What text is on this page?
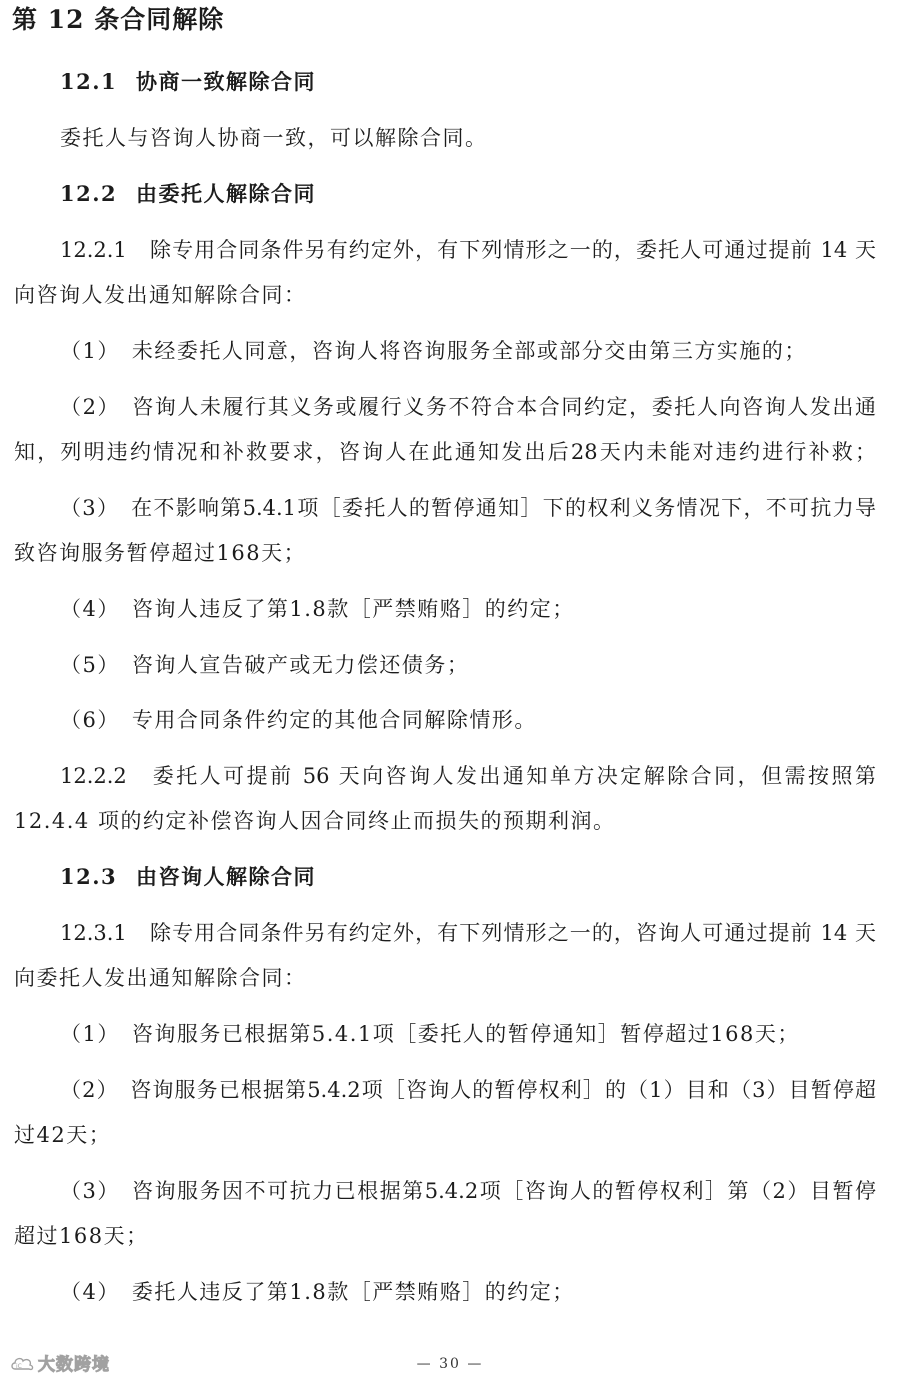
第 12 条合同解除
12.1 协商一致解除合同
委托人与咨询人协商一致，可以解除合同。
12.2 由委托人解除合同
12.2.1　除专用合同条件另有约定外，有下列情形之一的，委托人可通过提前 14 天
向咨询人发出通知解除合同：
（1）　未经委托人同意，咨询人将咨询服务全部或部分交由第三方实施的；
（2）　咨询人未履行其义务或履行义务不符合本合同约定，委托人向咨询人发出通
知，列明违约情况和补救要求，咨询人在此通知发出后28天内未能对违约进行补救；
（3）　在不影响第5.4.1项［委托人的暂停通知］下的权利义务情况下，不可抗力导
致咨询服务暂停超过168天；
（4）　咨询人违反了第1.8款［严禁贿赂］的约定；
（5）　咨询人宣告破产或无力偿还债务；
（6）　专用合同条件约定的其他合同解除情形。
12.2.2　委托人可提前 56 天向咨询人发出通知单方决定解除合同，但需按照第
12.4.4 项的约定补偿咨询人因合同终止而损失的预期利润。
12.3 由咨询人解除合同
12.3.1　除专用合同条件另有约定外，有下列情形之一的，咨询人可通过提前 14 天
向委托人发出通知解除合同：
（1）　咨询服务已根据第5.4.1项［委托人的暂停通知］暂停超过168天；
（2）　咨询服务已根据第5.4.2项［咨询人的暂停权利］的（1）目和（3）目暂停超
过42天；
（3）　咨询服务因不可抗力已根据第5.4.2项［咨询人的暂停权利］第（2）目暂停
超过168天；
（4）　委托人违反了第1.8款［严禁贿赂］的约定；
— 30 —
iC 大数跨境
